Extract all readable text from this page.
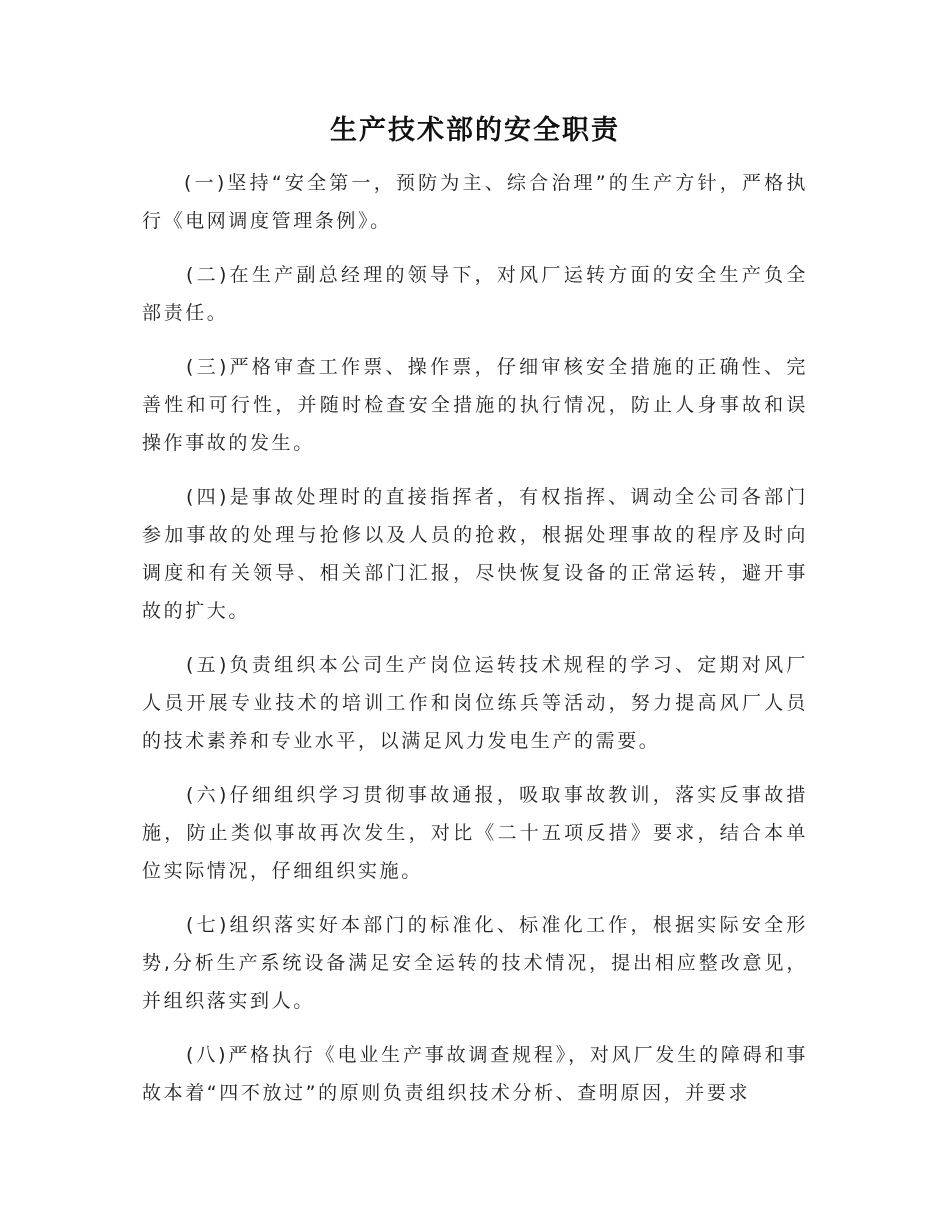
生产技术部的安全职责

(一)坚持“安全第一，预防为主、综合治理”的生产方针，严格执行《电网调度管理条例》。

(二)在生产副总经理的领导下，对风厂运转方面的安全生产负全部责任。

(三)严格审查工作票、操作票，仔细审核安全措施的正确性、完善性和可行性，并随时检查安全措施的执行情况，防止人身事故和误操作事故的发生。

(四)是事故处理时的直接指挥者，有权指挥、调动全公司各部门参加事故的处理与抢修以及人员的抢救，根据处理事故的程序及时向调度和有关领导、相关部门汇报，尽快恢复设备的正常运转，避开事故的扩大。

(五)负责组织本公司生产岗位运转技术规程的学习、定期对风厂人员开展专业技术的培训工作和岗位练兵等活动，努力提高风厂人员的技术素养和专业水平，以满足风力发电生产的需要。

(六)仔细组织学习贯彻事故通报，吸取事故教训，落实反事故措施，防止类似事故再次发生，对比《二十五项反措》要求，结合本单位实际情况，仔细组织实施。

(七)组织落实好本部门的标准化、标准化工作，根据实际安全形势,分析生产系统设备满足安全运转的技术情况，提出相应整改意见，并组织落实到人。

(八)严格执行《电业生产事故调查规程》，对风厂发生的障碍和事故本着“四不放过”的原则负责组织技术分析、查明原因，并要求
